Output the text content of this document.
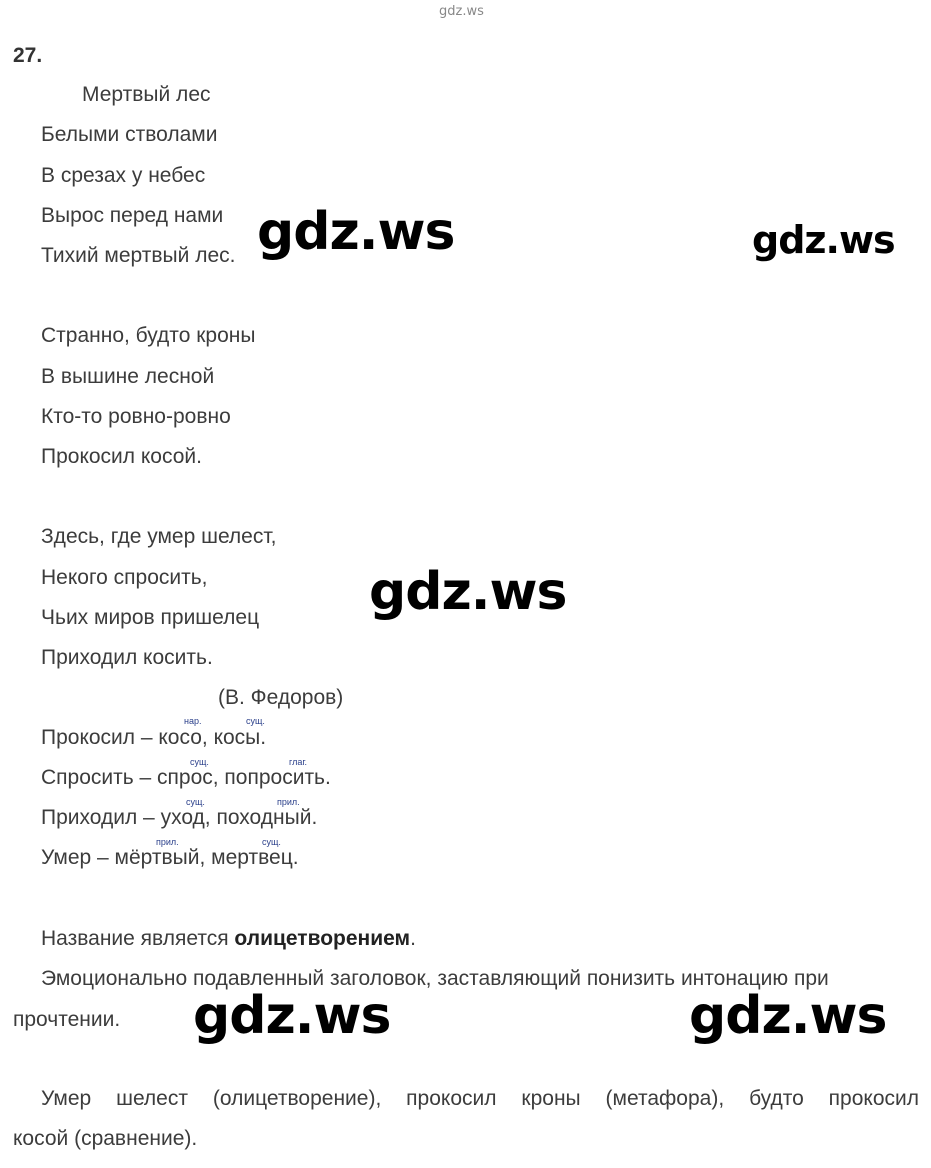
gdz.ws
gdz.ws	gdz.ws
gdz.ws
gdz.ws	gdz.ws
27.
Мертвый лес
Белыми стволами
В срезах у небес
Вырос перед нами
Тихий мертвый лес.
Странно, будто кроны
В вышине лесной
Кто-то ровно-ровно
Прокосил косой.
Здесь, где умер шелест,
Некого спросить,
Чьих миров пришелец
Приходил косить.
(В. Федоров)
нар.	сущ.
Прокосил – косо, косы.
сущ.	глаг.
Спросить – спрос, попросить.
сущ.	прил.
Приходил – уход, походный.
прил.	сущ.
Умер – мёртвый, мертвец.
Название является олицетворением.
Эмоционально подавленный заголовок, заставляющий понизить интонацию при
прочтении.
Умер шелест (олицетворение), прокосил кроны (метафора), будто прокосил
косой (сравнение).
